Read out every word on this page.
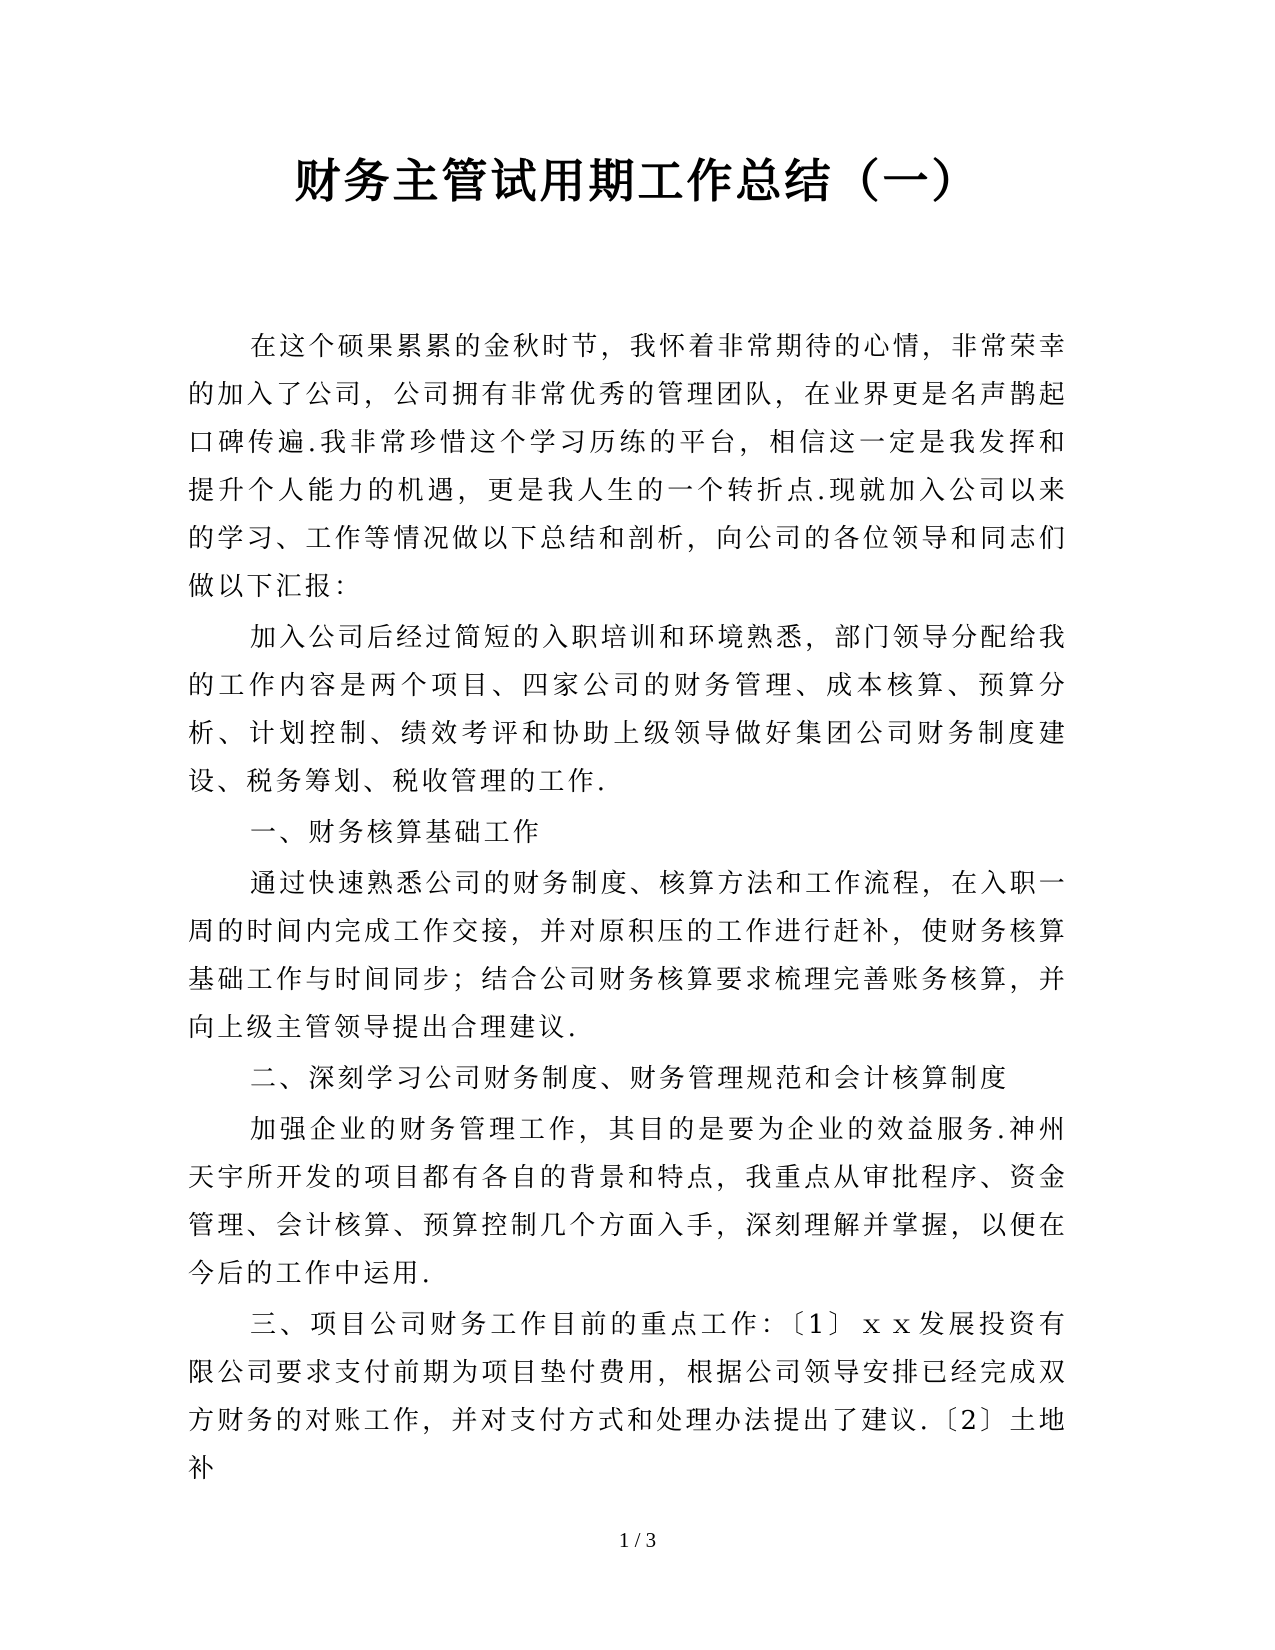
财务主管试用期工作总结（一）

在这个硕果累累的金秋时节，我怀着非常期待的心情，非常荣幸的加入了公司，公司拥有非常优秀的管理团队，在业界更是名声鹊起口碑传遍.我非常珍惜这个学习历练的平台，相信这一定是我发挥和提升个人能力的机遇，更是我人生的一个转折点.现就加入公司以来的学习、工作等情况做以下总结和剖析，向公司的各位领导和同志们做以下汇报：

加入公司后经过简短的入职培训和环境熟悉，部门领导分配给我的工作内容是两个项目、四家公司的财务管理、成本核算、预算分析、计划控制、绩效考评和协助上级领导做好集团公司财务制度建设、税务筹划、税收管理的工作.

一、财务核算基础工作

通过快速熟悉公司的财务制度、核算方法和工作流程，在入职一周的时间内完成工作交接，并对原积压的工作进行赶补，使财务核算基础工作与时间同步；结合公司财务核算要求梳理完善账务核算，并向上级主管领导提出合理建议.

二、深刻学习公司财务制度、财务管理规范和会计核算制度

加强企业的财务管理工作，其目的是要为企业的效益服务.神州天宇所开发的项目都有各自的背景和特点，我重点从审批程序、资金管理、会计核算、预算控制几个方面入手，深刻理解并掌握，以便在今后的工作中运用.

三、项目公司财务工作目前的重点工作：〔1〕ｘｘ发展投资有限公司要求支付前期为项目垫付费用，根据公司领导安排已经完成双方财务的对账工作，并对支付方式和处理办法提出了建议.〔2〕土地补

1 / 3
